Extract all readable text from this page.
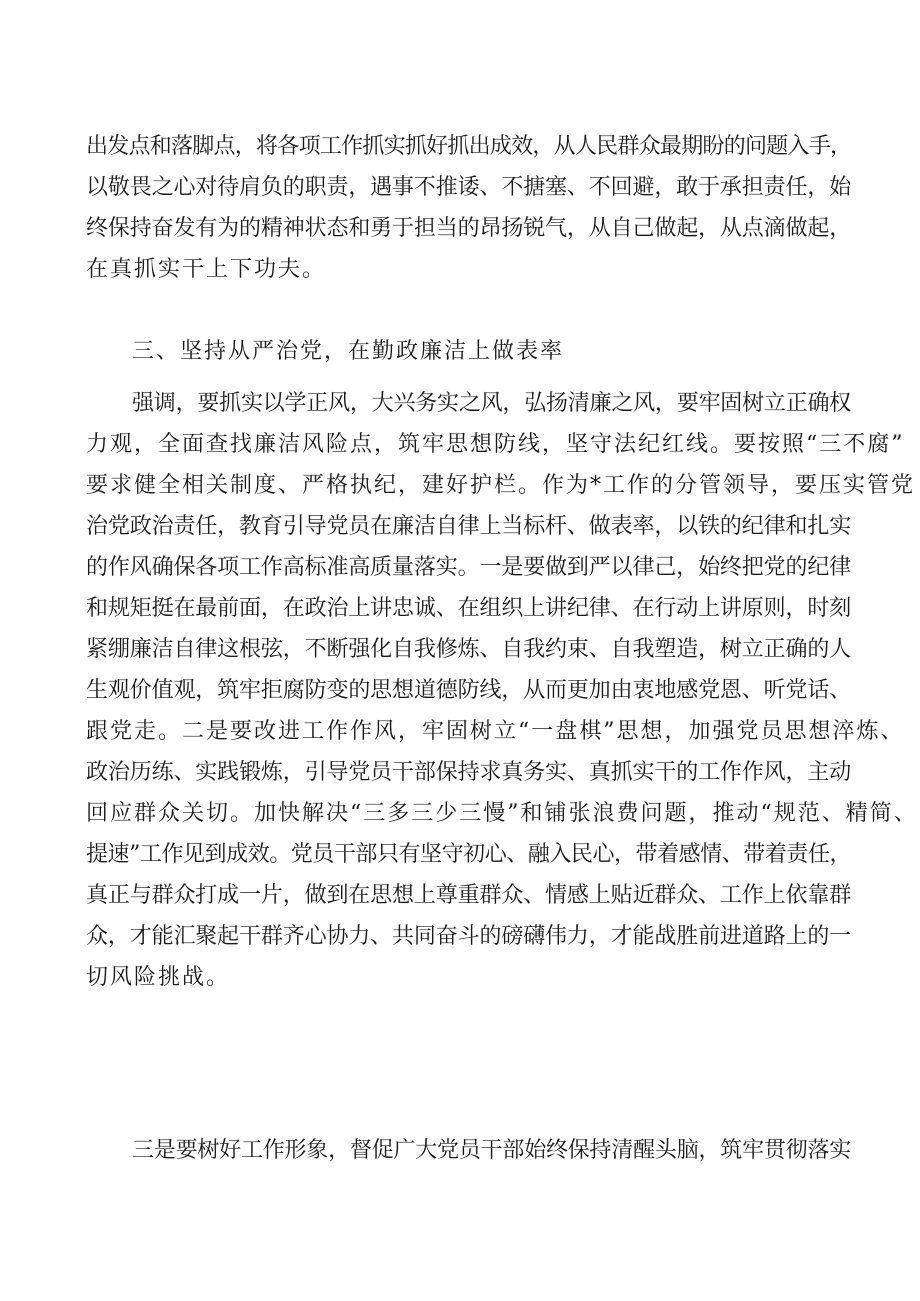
出发点和落脚点，将各项工作抓实抓好抓出成效，从人民群众最期盼的问题入手，
以敬畏之心对待肩负的职责，遇事不推诿、不搪塞、不回避，敢于承担责任，始
终保持奋发有为的精神状态和勇于担当的昂扬锐气，从自己做起，从点滴做起，
在真抓实干上下功夫。
三、坚持从严治党，在勤政廉洁上做表率
强调，要抓实以学正风，大兴务实之风，弘扬清廉之风，要牢固树立正确权
力观，全面查找廉洁风险点，筑牢思想防线，坚守法纪红线。要按照“三不腐”
要求健全相关制度、严格执纪，建好护栏。作为*工作的分管领导，要压实管党
治党政治责任，教育引导党员在廉洁自律上当标杆、做表率，以铁的纪律和扎实
的作风确保各项工作高标准高质量落实。一是要做到严以律己，始终把党的纪律
和规矩挺在最前面，在政治上讲忠诚、在组织上讲纪律、在行动上讲原则，时刻
紧绷廉洁自律这根弦，不断强化自我修炼、自我约束、自我塑造，树立正确的人
生观价值观，筑牢拒腐防变的思想道德防线，从而更加由衷地感党恩、听党话、
跟党走。二是要改进工作作风，牢固树立“一盘棋”思想，加强党员思想淬炼、
政治历练、实践锻炼，引导党员干部保持求真务实、真抓实干的工作作风，主动
回应群众关切。加快解决“三多三少三慢”和铺张浪费问题，推动“规范、精简、
提速”工作见到成效。党员干部只有坚守初心、融入民心，带着感情、带着责任，
真正与群众打成一片，做到在思想上尊重群众、情感上贴近群众、工作上依靠群
众，才能汇聚起干群齐心协力、共同奋斗的磅礴伟力，才能战胜前进道路上的一
切风险挑战。
三是要树好工作形象，督促广大党员干部始终保持清醒头脑，筑牢贯彻落实
